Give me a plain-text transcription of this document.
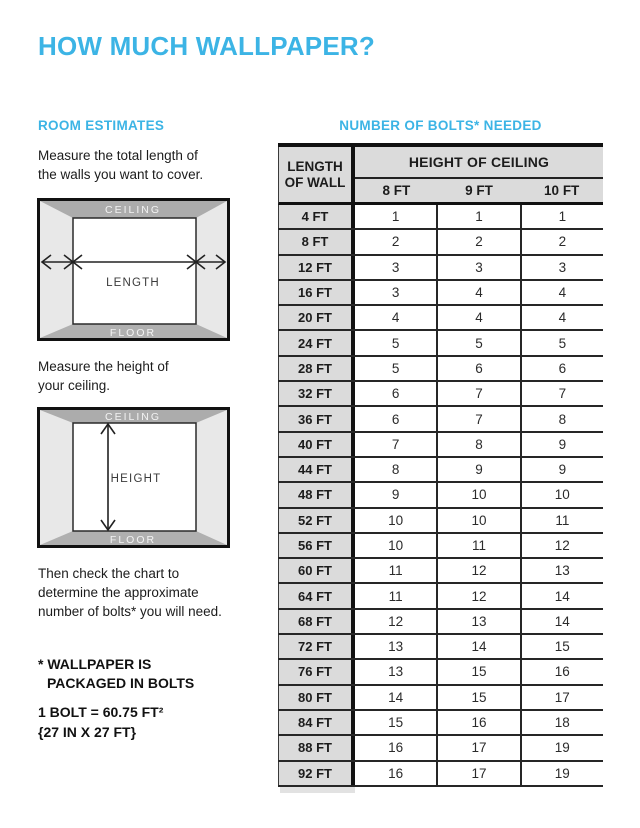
HOW MUCH WALLPAPER?
ROOM ESTIMATES
Measure the total length of
the walls you want to cover.
CEILING
FLOOR
LENGTH
Measure the height of
your ceiling.
CEILING
FLOOR
HEIGHT
Then check the chart to
determine the approximate
number of bolts* you will need.
* WALLPAPER IS
PACKAGED IN BOLTS
1 BOLT = 60.75 FT²
{27 IN X 27 FT}
NUMBER OF BOLTS* NEEDED
LENGTH OF WALL
HEIGHT OF CEILING
8 FT	9 FT	10 FT
4 FT	1	1	1
8 FT	2	2	2
12 FT	3	3	3
16 FT	3	4	4
20 FT	4	4	4
24 FT	5	5	5
28 FT	5	6	6
32 FT	6	7	7
36 FT	6	7	8
40 FT	7	8	9
44 FT	8	9	9
48 FT	9	10	10
52 FT	10	10	11
56 FT	10	11	12
60 FT	11	12	13
64 FT	11	12	14
68 FT	12	13	14
72 FT	13	14	15
76 FT	13	15	16
80 FT	14	15	17
84 FT	15	16	18
88 FT	16	17	19
92 FT	16	17	19
